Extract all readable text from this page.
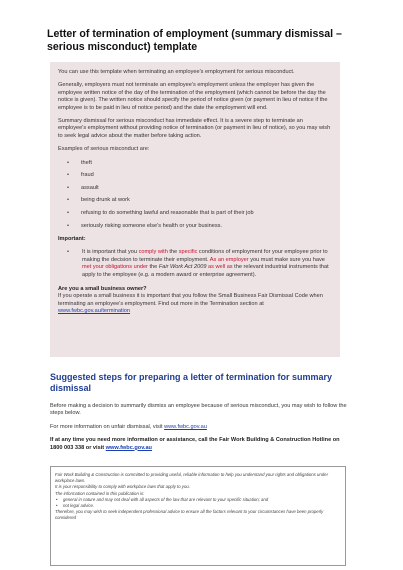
Letter of termination of employment (summary dismissal – serious misconduct) template

You can use this template when terminating an employee's employment for serious misconduct.

Generally, employers must not terminate an employee's employment unless the employer has given the employee written notice of the day of the termination of the employment (which cannot be before the day the notice is given). The written notice should specify the period of notice given (or payment in lieu of notice if the employee is to be paid in lieu of notice period) and the date the employment will end.

Summary dismissal for serious misconduct has immediate effect. It is a severe step to terminate an employee's employment without providing notice of termination (or payment in lieu of notice), so you may wish to seek legal advice about the matter before taking action.

Examples of serious misconduct are:

• theft
• fraud
• assault
• being drunk at work
• refusing to do something lawful and reasonable that is part of their job
• seriously risking someone else's health or your business.

Important:

• It is important that you comply with the specific conditions of employment for your employee prior to making the decision to terminate their employment. As an employer you must make sure you have met your obligations under the Fair Work Act 2009 as well as the relevant industrial instruments that apply to the employee (e.g. a modern award or enterprise agreement).

Are you a small business owner?

If you operate a small business it is important that you follow the Small Business Fair Dismissal Code when terminating an employee's employment. Find out more in the Termination section at www.fwbc.gov.au/termination

Suggested steps for preparing a letter of termination for summary dismissal

Before making a decision to summarily dismiss an employee because of serious misconduct, you may wish to follow the steps below.

For more information on unfair dismissal, visit www.fwbc.gov.au

If at any time you need more information or assistance, call the Fair Work Building & Construction Hotline on 1800 003 338 or visit www.fwbc.gov.au

Fair Work Building & Construction is committed to providing useful, reliable information to help you understand your rights and obligations under workplace laws.

It is your responsibility to comply with workplace laws that apply to you.

The information contained in this publication is:

• general in nature and may not deal with all aspects of the law that are relevant to your specific situation; and
• not legal advice.

Therefore, you may wish to seek independent professional advice to ensure all the factors relevant to your circumstances have been properly considered
